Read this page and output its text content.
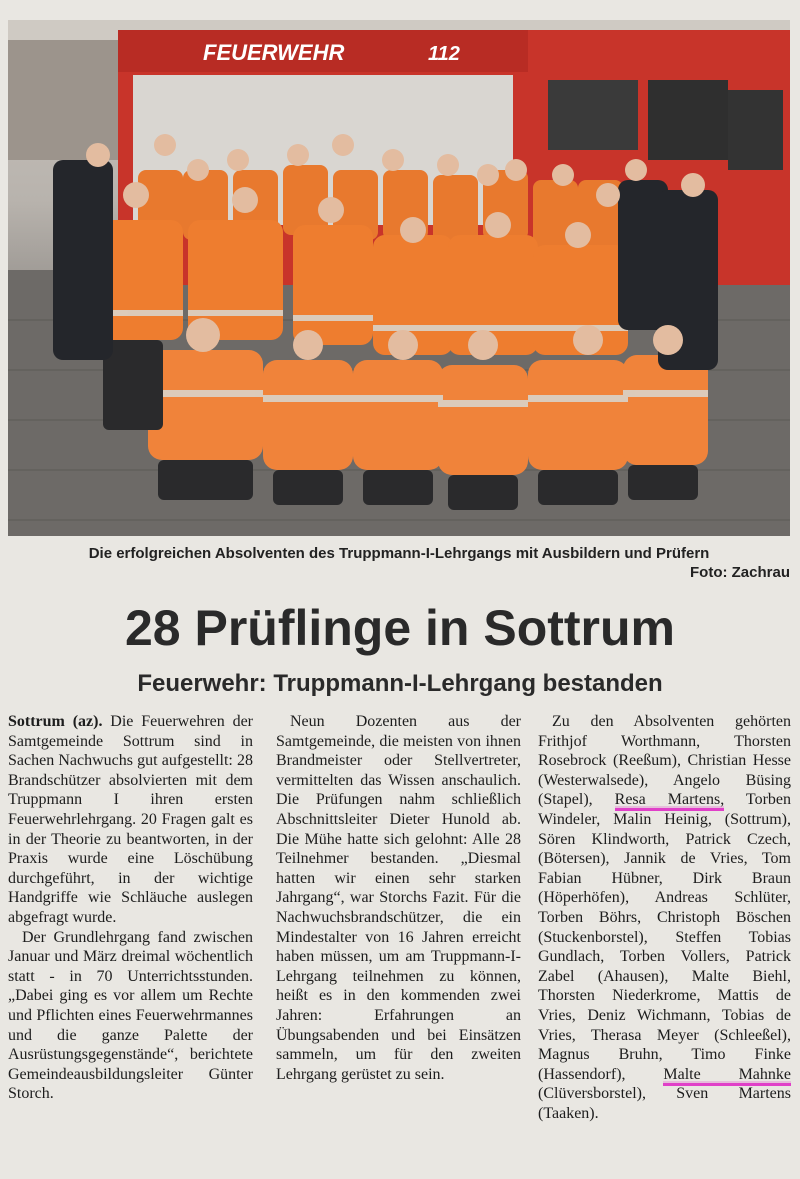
FEUERWEHR	112
Die erfolgreichen Absolventen des Truppmann-I-Lehrgangs mit Ausbildern und Prüfern
Foto: Zachrau
28 Prüflinge in Sottrum
Feuerwehr: Truppmann-I-Lehrgang bestanden

Sottrum (az). Die Feuerwehren der Samtgemeinde Sottrum sind in Sachen Nachwuchs gut aufgestellt: 28 Brandschützer absolvierten mit dem Truppmann I ihren ersten Feuerwehrlehrgang. 20 Fragen galt es in der Theorie zu beantworten, in der Praxis wurde eine Löschübung durchgeführt, in der wichtige Handgriffe wie Schläuche auslegen abgefragt wurde.

Der Grundlehrgang fand zwischen Januar und März dreimal wöchentlich statt - in 70 Unterrichtsstunden. „Dabei ging es vor allem um Rechte und Pflichten eines Feuerwehrmannes und die ganze Palette der Ausrüstungsgegenstände“, berichtete Gemeindeausbildungsleiter Günter Storch.

Neun Dozenten aus der Samtgemeinde, die meisten von ihnen Brandmeister oder Stellvertreter, vermittelten das Wissen anschaulich. Die Prüfungen nahm schließlich Abschnittsleiter Dieter Hunold ab. Die Mühe hatte sich gelohnt: Alle 28 Teilnehmer bestanden. „Diesmal hatten wir einen sehr starken Jahrgang“, war Storchs Fazit. Für die Nachwuchsbrandschützer, die ein Mindestalter von 16 Jahren erreicht haben müssen, um am Truppmann-I-Lehrgang teilnehmen zu können, heißt es in den kommenden zwei Jahren: Erfahrungen an Übungsabenden und bei Einsätzen sammeln, um für den zweiten Lehrgang gerüstet zu sein.

Zu den Absolventen gehörten Frithjof Worthmann, Thorsten Rosebrock (Reeßum), Christian Hesse (Westerwalsede), Angelo Büsing (Stapel), Resa Martens, Torben Windeler, Malin Heinig, (Sottrum), Sören Klindworth, Patrick Czech, (Bötersen), Jannik de Vries, Tom Fabian Hübner, Dirk Braun (Höperhöfen), Andreas Schlüter, Torben Böhrs, Christoph Böschen (Stuckenborstel), Steffen Tobias Gundlach, Torben Vollers, Patrick Zabel (Ahausen), Malte Biehl, Thorsten Niederkrome, Mattis de Vries, Deniz Wichmann, Tobias de Vries, Therasa Meyer (Schleeßel), Magnus Bruhn, Timo Finke (Hassendorf), Malte Mahnke (Clüversborstel), Sven Martens (Taaken).
